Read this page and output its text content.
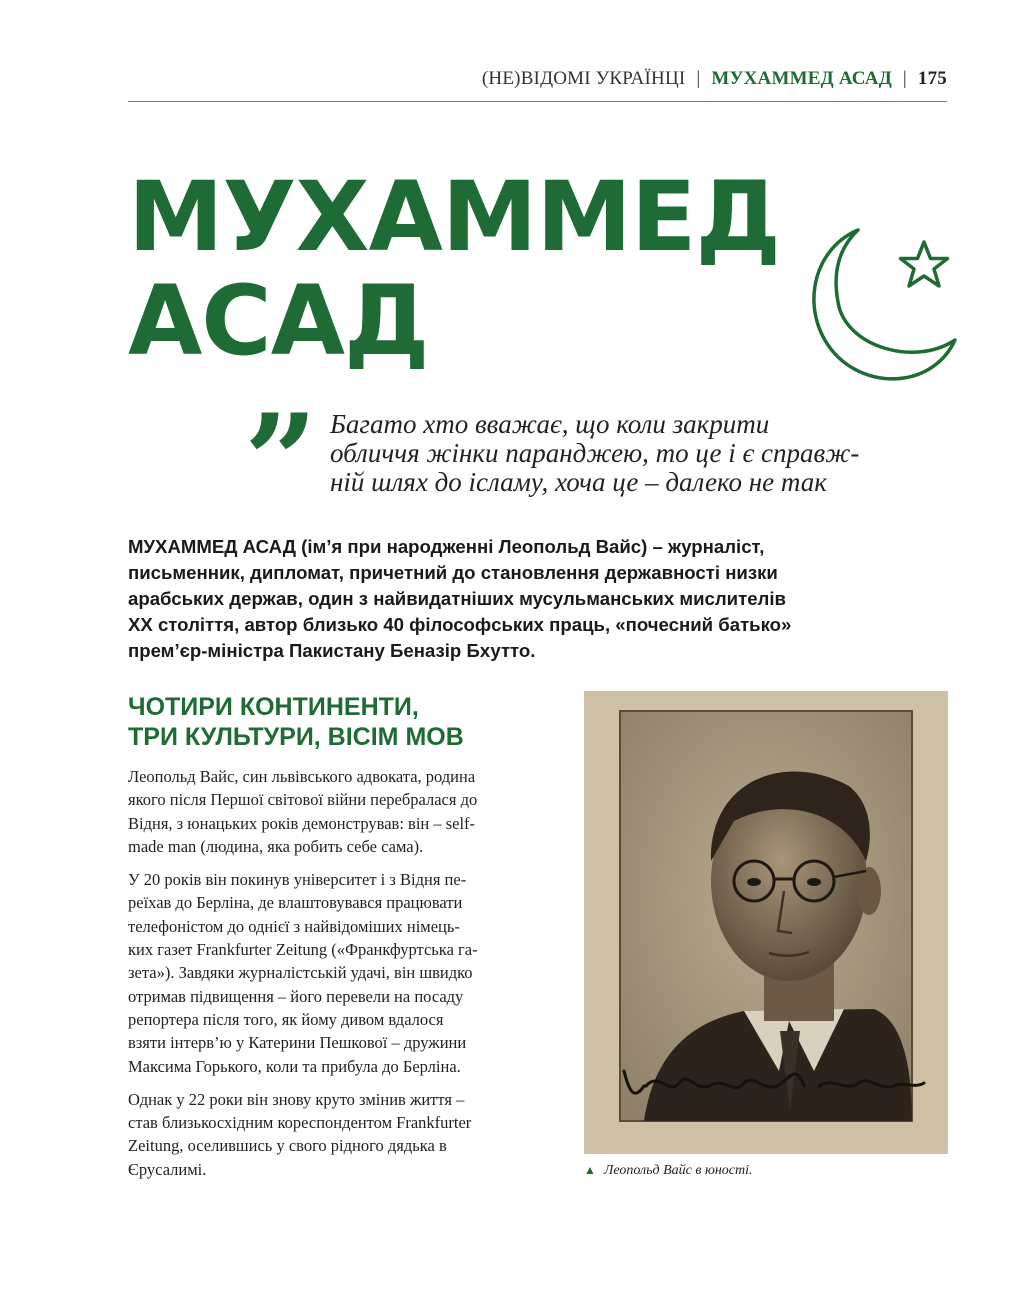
(НЕ)ВІДОМІ УКРАЇНЦІ | МУХАММЕД АСАД | 175
МУХАММЕД
АСАД
” Багато хто вважає, що коли закрити
обличчя жінки паранджею, то це і є справж-
ній шлях до ісламу, хоча це – далеко не так
МУХАММЕД АСАД (ім’я при народженні Леопольд Вайс) – журналіст,
письменник, дипломат, причетний до становлення державності низки
арабських держав, один з найвидатніших мусульманських мислителів
XX століття, автор близько 40 філософських праць, «почесний батько»
прем’єр-міністра Пакистану Беназір Бхутто.
ЧОТИРИ КОНТИНЕНТИ,
ТРИ КУЛЬТУРИ, ВІСІМ МОВ

Леопольд Вайс, син львівського адвоката, родина
якого після Першої світової війни перебралася до
Відня, з юнацьких років демонстрував: він – self-
made man (людина, яка робить себе сама).

У 20 років він покинув університет і з Відня пе-
реїхав до Берліна, де влаштовувався працювати
телефоністом до однієї з найвідоміших німець-
ких газет Frankfurter Zeitung («Франкфуртська га-
зета»). Завдяки журналістській удачі, він швидко
отримав підвищення – його перевели на посаду
репортера після того, як йому дивом вдалося
взяти інтерв’ю у Катерини Пешкової – дружини
Максима Горького, коли та прибула до Берліна.

Однак у 22 роки він знову круто змінив життя –
став близькосхідним кореспондентом Frankfurter
Zeitung, оселившись у свого рідного дядька в
Єрусалимі.	▲ Леопольд Вайс в юності.
